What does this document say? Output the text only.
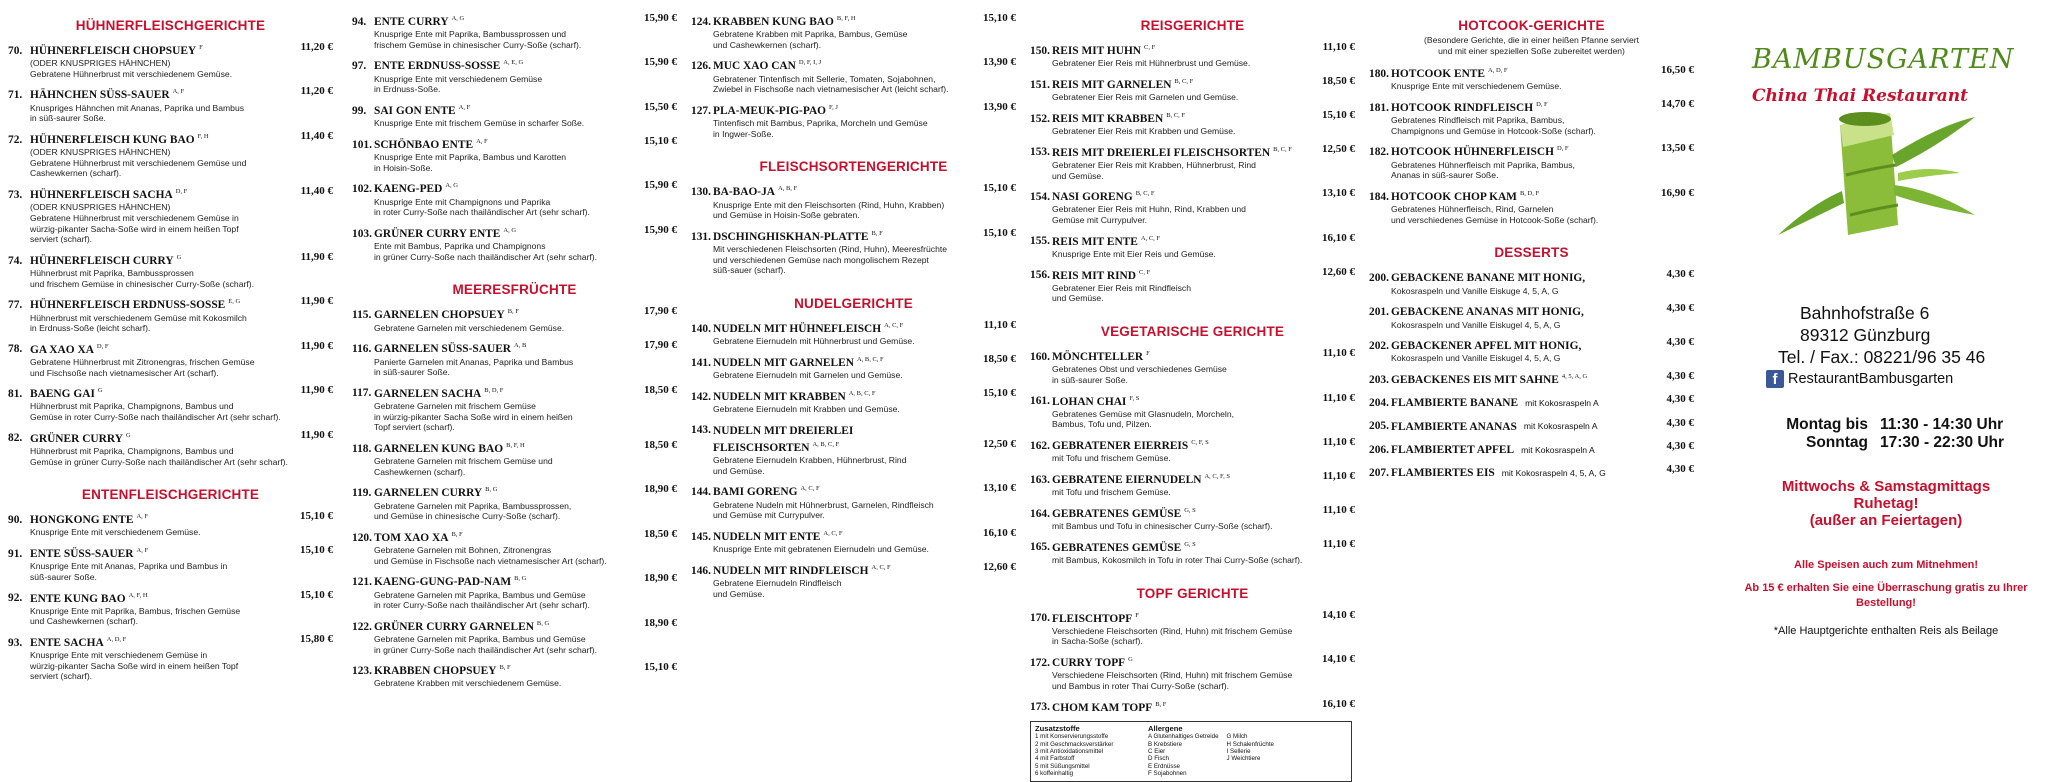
HÜHNERFLEISCHGERICHTE
70. HÜHNERFLEISCH CHOPSUEY $^F$	11,20 €
(ODER KNUSPRIGES HÄHNCHEN)
Gebratene Hühnerbrust mit verschiedenem Gemüse.
71. HÄHNCHEN SÜSS-SAUER $^{A, F}$	11,20 €
Knuspriges Hähnchen mit Ananas, Paprika und Bambus
in süß-saurer Soße.
72. HÜHNERFLEISCH KUNG BAO $^{F, H}$	11,40 €
(ODER KNUSPRIGES HÄHNCHEN)
Gebratene Hühnerbrust mit verschiedenem Gemüse und
Cashewkernen (scharf).
73. HÜHNERFLEISCH SACHA $^{D, F}$	11,40 €
(ODER KNUSPRIGES HÄHNCHEN)
Gebratene Hühnerbrust mit verschiedenem Gemüse in
würzig-pikanter Sacha-Soße wird in einem heißen Topf
serviert (scharf).
74. HÜHNERFLEISCH CURRY $^G$	11,90 €
Hühnerbrust mit Paprika, Bambussprossen
und frischem Gemüse in chinesischer Curry-Soße (scharf).
77. HÜHNERFLEISCH ERDNUSS-SOSSE $^{E, G}$	11,90 €
Hühnerbrust mit verschiedenem Gemüse mit Kokosmilch
in Erdnuss-Soße (leicht scharf).
78. GA XAO XA $^{D, F}$	11,90 €
Gebratene Hühnerbrust mit Zitronengras, frischen Gemüse
und Fischsoße nach vietnamesischer Art (scharf).
81. BAENG GAI $^G$	11,90 €
Hühnerbrust mit Paprika, Champignons, Bambus und
Gemüse in roter Curry-Soße nach thailändischer Art (sehr scharf).
82. GRÜNER CURRY $^G$	11,90 €
Hühnerbrust mit Paprika, Champignons, Bambus und
Gemüse in grüner Curry-Soße nach thailändischer Art (sehr scharf).
ENTENFLEISCHGERICHTE
90. HONGKONG ENTE $^{A, F}$	15,10 €
Knusprige Ente mit verschiedenem Gemüse.
91. ENTE SÜSS-SAUER $^{A, F}$	15,10 €
Knusprige Ente mit Ananas, Paprika und Bambus in
süß-saurer Soße.
92. ENTE KUNG BAO $^{A, F, H}$	15,10 €
Knusprige Ente mit Paprika, Bambus, frischen Gemüse
und Cashewkernen (scharf).
93. ENTE SACHA $^{A, D, F}$	15,80 €
Knusprige Ente mit verschiedenem Gemüse in
würzig-pikanter Sacha Soße wird in einem heißen Topf
serviert (scharf).
94. ENTE CURRY $^{A, G}$	15,90 €
Knusprige Ente mit Paprika, Bambussprossen und
frischem Gemüse in chinesischer Curry-Soße (scharf).
97. ENTE ERDNUSS-SOSSE $^{A, E, G}$	15,90 €
Knusprige Ente mit verschiedenem Gemüse
in Erdnuss-Soße.
99. SAI GON ENTE $^{A, F}$	15,50 €
Knusprige Ente mit frischem Gemüse in scharfer Soße.
101. SCHÖNBAO ENTE $^{A, F}$	15,10 €
Knusprige Ente mit Paprika, Bambus und Karotten
in Hoisin-Soße.
102. KAENG-PED $^{A, G}$	15,90 €
Knusprige Ente mit Champignons und Paprika
in roter Curry-Soße nach thailändischer Art (sehr scharf).
103. GRÜNER CURRY ENTE $^{A, G}$	15,90 €
Ente mit Bambus, Paprika und Champignons
in grüner Curry-Soße nach thailändischer Art (sehr scharf).
MEERESFRÜCHTE
115. GARNELEN CHOPSUEY $^{B, F}$	17,90 €
Gebratene Garnelen mit verschiedenem Gemüse.
116. GARNELEN SÜSS-SAUER $^{A, B}$	17,90 €
Panierte Garnelen mit Ananas, Paprika und Bambus
in süß-saurer Soße.
117. GARNELEN SACHA $^{B, D, F}$	18,50 €
Gebratene Garnelen mit frischem Gemüse
in würzig-pikanter Sacha Soße wird in einem heißen
Topf serviert (scharf).
118. GARNELEN KUNG BAO $^{B, F, H}$	18,50 €
Gebratene Garnelen mit frischem Gemüse und
Cashewkernen (scharf).
119. GARNELEN CURRY $^{B, G}$	18,90 €
Gebratene Garnelen mit Paprika, Bambussprossen,
und Gemüse in chinesische Curry-Soße (scharf).
120. TOM XAO XA $^{B, F}$	18,50 €
Gebratene Garnelen mit Bohnen, Zitronengras
und Gemüse in Fischsoße nach vietnamesischer Art (scharf).
121. KAENG-GUNG-PAD-NAM $^{B, G}$	18,90 €
Gebratene Garnelen mit Paprika, Bambus und Gemüse
in roter Curry-Soße nach thailändischer Art (sehr scharf).
122. GRÜNER CURRY GARNELEN $^{B, G}$	18,90 €
Gebratene Garnelen mit Paprika, Bambus und Gemüse
in grüner Curry-Soße nach thailändischer Art (sehr scharf).
123. KRABBEN CHOPSUEY $^{B, F}$	15,10 €
Gebratene Krabben mit verschiedenem Gemüse.
124. KRABBEN KUNG BAO $^{B, F, H}$	15,10 €
Gebratene Krabben mit Paprika, Bambus, Gemüse
und Cashewkernen (scharf).
126. MUC XAO CAN $^{D, F, I, J}$	13,90 €
Gebratener Tintenfisch mit Sellerie, Tomaten, Sojabohnen,
Zwiebel in Fischsoße nach vietnamesischer Art (leicht scharf).
127. PLA-MEUK-PIG-PAO $^{F, J}$	13,90 €
Tintenfisch mit Bambus, Paprika, Morcheln und Gemüse
in Ingwer-Soße.
FLEISCHSORTENGERICHTE
130. BA-BAO-JA $^{A, B, F}$	15,10 €
Knusprige Ente mit den Fleischsorten (Rind, Huhn, Krabben)
und Gemüse in Hoisin-Soße gebraten.
131. DSCHINGHISKHAN-PLATTE $^{B, F}$	15,10 €
Mit verschiedenen Fleischsorten (Rind, Huhn), Meeresfrüchte
und verschiedenen Gemüse nach mongolischem Rezept
süß-sauer (scharf).
NUDELGERICHTE
140. NUDELN MIT HÜHNEFLEISCH $^{A, C, F}$	11,10 €
Gebratene Eiernudeln mit Hühnerbrust und Gemüse.
141. NUDELN MIT GARNELEN $^{A, B, C, F}$	18,50 €
Gebratene Eiernudeln mit Garnelen und Gemüse.
142. NUDELN MIT KRABBEN $^{A, B, C, F}$	15,10 €
Gebratene Eiernudeln mit Krabben und Gemüse.
143. NUDELN MIT DREIERLEI
FLEISCHSORTEN $^{A, B, C, F}$	12,50 €
Gebratene Eiernudeln Krabben, Hühnerbrust, Rind
und Gemüse.
144. BAMI GORENG $^{A, C, F}$	13,10 €
Gebratene Nudeln mit Hühnerbrust, Garnelen, Rindfleisch
und Gemüse mit Currypulver.
145. NUDELN MIT ENTE $^{A, C, F}$	16,10 €
Knusprige Ente mit gebratenen Eiernudeln und Gemüse.
146. NUDELN MIT RINDFLEISCH $^{A, C, F}$	12,60 €
Gebratene Eiernudeln Rindfleisch
und Gemüse.
REISGERICHTE
150. REIS MIT HUHN $^{C, F}$	11,10 €
Gebratener Eier Reis mit Hühnerbrust und Gemüse.
151. REIS MIT GARNELEN $^{B, C, F}$	18,50 €
Gebratener Eier Reis mit Garnelen und Gemüse.
152. REIS MIT KRABBEN $^{B, C, F}$	15,10 €
Gebratener Eier Reis mit Krabben und Gemüse.
153. REIS MIT DREIERLEI FLEISCHSORTEN $^{B, C, F}$	12,50 €
Gebratener Eier Reis mit Krabben, Hühnerbrust, Rind
und Gemüse.
154. NASI GORENG $^{B, C, F}$	13,10 €
Gebratener Eier Reis mit Huhn, Rind, Krabben und
Gemüse mit Currypulver.
155. REIS MIT ENTE $^{A, C, F}$	16,10 €
Knusprige Ente mit Eier Reis und Gemüse.
156. REIS MIT RIND $^{C, F}$	12,60 €
Gebratener Eier Reis mit Rindfleisch
und Gemüse.
VEGETARISCHE GERICHTE
160. MÖNCHTELLER $^F$	11,10 €
Gebratenes Obst und verschiedenes Gemüse
in süß-saurer Soße.
161. LOHAN CHAI $^{F, S}$	11,10 €
Gebratenes Gemüse mit Glasnudeln, Morcheln,
Bambus, Tofu und, Pilzen.
162. GEBRATENER EIERREIS $^{C, F, S}$	11,10 €
mit Tofu und frischem Gemüse.
163. GEBRATENE EIERNUDELN $^{A, C, F, S}$	11,10 €
mit Tofu und frischem Gemüse.
164. GEBRATENES GEMÜSE $^{G, S}$	11,10 €
mit Bambus und Tofu in chinesischer Curry-Soße (scharf).
165. GEBRATENES GEMÜSE $^{G, S}$	11,10 €
mit Bambus, Kokosmilch in Tofu in roter Thai Curry-Soße (scharf).
TOPF GERICHTE
170. FLEISCHTOPF $^F$	14,10 €
Verschiedene Fleischsorten (Rind, Huhn) mit frischem Gemüse
in Sacha-Soße (scharf).
172. CURRY TOPF $^G$	14,10 €
Verschiedene Fleischsorten (Rind, Huhn) mit frischem Gemüse
und Bambus in roter Thai Curry-Soße (scharf).
173. CHOM KAM TOPF $^{B, F}$	16,10 €
Zusatzstoffe
1 mit Konservierungsstoffe
2 mit Geschmacksverstärker
3 mit Antioxidationsmittel
4 mit Farbstoff
5 mit Süßungsmittel
6 koffeinhaltig
Allergene
A Glutenhaltiges Getreide
B Krebstiere
C Eier
D Fisch
E Erdnüsse
F Sojabohnen
G Milch
H Schalenfrüchte
I Sellerie
J Weichtiere
HOTCOOK-GERICHTE
(Besondere Gerichte, die in einer heißen Pfanne serviert
und mit einer speziellen Soße zubereitet werden)
180. HOTCOOK ENTE $^{A, D, F}$	16,50 €
Knusprige Ente mit verschiedenem Gemüse.
181. HOTCOOK RINDFLEISCH $^{D, F}$	14,70 €
Gebratenes Rindfleisch mit Paprika, Bambus,
Champignons und Gemüse in Hotcook-Soße (scharf).
182. HOTCOOK HÜHNERFLEISCH $^{D, F}$	13,50 €
Gebratenes Hühnerfleisch mit Paprika, Bambus,
Ananas in süß-saurer Soße.
184. HOTCOOK CHOP KAM $^{B, D, F}$	16,90 €
Gebratenes Hühnerfleisch, Rind, Garnelen
und verschiedenes Gemüse in Hotcook-Soße (scharf).
DESSERTS
200. GEBACKENE BANANE MIT HONIG,	4,30 €
Kokosraspeln und Vanille Eiskuge 4, 5, A, G
201. GEBACKENE ANANAS MIT HONIG,	4,30 €
Kokosraspeln und Vanille Eiskugel 4, 5, A, G
202. GEBACKENER APFEL MIT HONIG,	4,30 €
Kokosraspeln und Vanille Eiskugel 4, 5, A, G
203. GEBACKENES EIS MIT SAHNE $^{4, 5, A, G}$	4,30 €
204. FLAMBIERTE BANANE mit Kokosraspeln A	4,30 €
205. FLAMBIERTE ANANAS mit Kokosraspeln A	4,30 €
206. FLAMBIERTET APFEL mit Kokosraspeln A	4,30 €
207. FLAMBIERTES EIS mit Kokosraspeln 4, 5, A, G	4,30 €
BAMBUSGARTEN
China Thai Restaurant
Bahnhofstraße 6
89312 Günzburg
Tel. / Fax.: 08221/96 35 46
f RestaurantBambusgarten
Montag bis 11:30 - 14:30 Uhr
Sonntag 17:30 - 22:30 Uhr
Mittwochs & Samstagmittags
Ruhetag!
(außer an Feiertagen)
Alle Speisen auch zum Mitnehmen!
Ab 15 € erhalten Sie eine Überraschung gratis zu Ihrer Bestellung!
*Alle Hauptgerichte enthalten Reis als Beilage
